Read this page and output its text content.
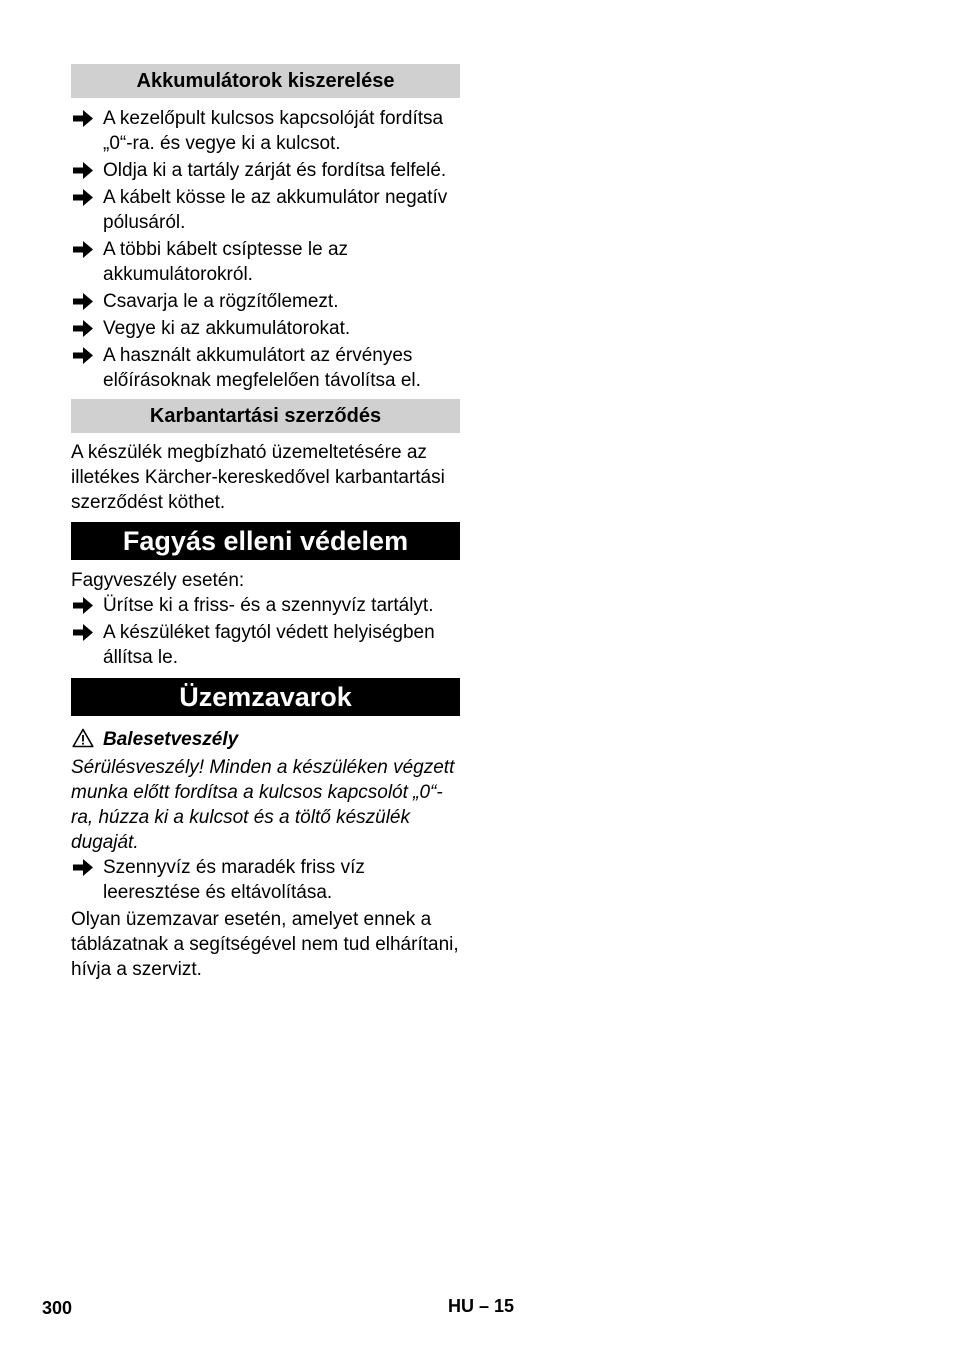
Akkumulátorok kiszerelése
A kezelőpult kulcsos kapcsolóját fordítsa „0“-ra. és vegye ki a kulcsot.
Oldja ki a tartály zárját és fordítsa felfelé.
A kábelt kösse le az akkumulátor negatív pólusáról.
A többi kábelt csíptesse le az akkumulátorokról.
Csavarja le a rögzítőlemezt.
Vegye ki az akkumulátorokat.
A használt akkumulátort az érvényes előírásoknak megfelelően távolítsa el.
Karbantartási szerződés

A készülék megbízható üzemeltetésére az illetékes Kärcher-kereskedővel karbantartási szerződést köthet.

Fagyás elleni védelem

Fagyveszély esetén:

Ürítse ki a friss- és a szennyvíz tartályt.
A készüléket fagytól védett helyiségben állítsa le.
Üzemzavarok
Balesetveszély

Sérülésveszély! Minden a készüléken végzett munka előtt fordítsa a kulcsos kapcsolót „0“-ra, húzza ki a kulcsot és a töltő készülék dugaját.

Szennyvíz és maradék friss víz leeresztése és eltávolítása.

Olyan üzemzavar esetén, amelyet ennek a táblázatnak a segítségével nem tud elhárítani, hívja a szervizt.

300	HU – 15
